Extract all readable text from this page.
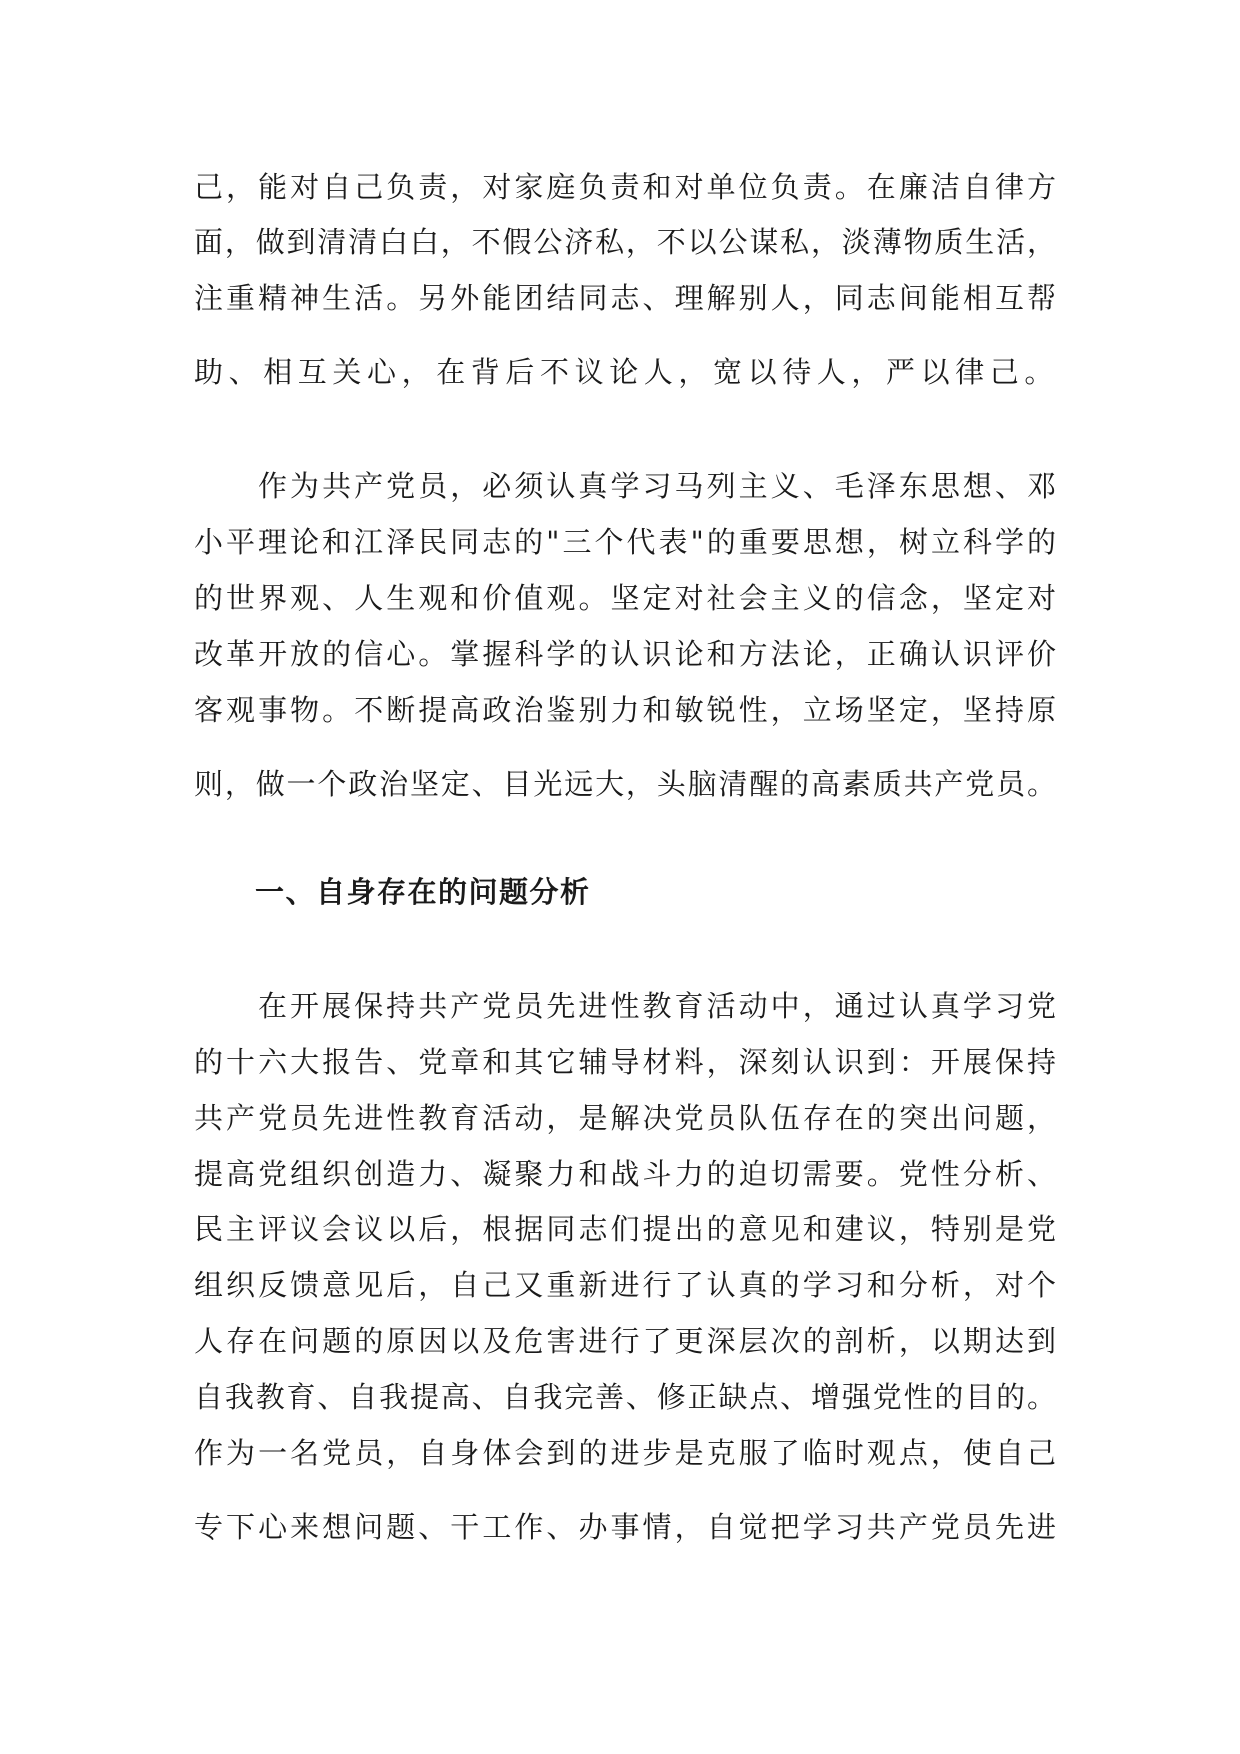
己，能对自己负责，对家庭负责和对单位负责。在廉洁自律方
面，做到清清白白，不假公济私，不以公谋私，淡薄物质生活，
注重精神生活。另外能团结同志、理解别人，同志间能相互帮
助、相互关心，在背后不议论人，宽以待人，严以律己。
作为共产党员，必须认真学习马列主义、毛泽东思想、邓
小平理论和江泽民同志的"三个代表"的重要思想，树立科学的
的世界观、人生观和价值观。坚定对社会主义的信念，坚定对
改革开放的信心。掌握科学的认识论和方法论，正确认识评价
客观事物。不断提高政治鉴别力和敏锐性，立场坚定，坚持原
则，做一个政治坚定、目光远大，头脑清醒的高素质共产党员。
一、自身存在的问题分析
在开展保持共产党员先进性教育活动中，通过认真学习党
的十六大报告、党章和其它辅导材料，深刻认识到：开展保持
共产党员先进性教育活动，是解决党员队伍存在的突出问题，
提高党组织创造力、凝聚力和战斗力的迫切需要。党性分析、
民主评议会议以后，根据同志们提出的意见和建议，特别是党
组织反馈意见后，自己又重新进行了认真的学习和分析，对个
人存在问题的原因以及危害进行了更深层次的剖析，以期达到
自我教育、自我提高、自我完善、修正缺点、增强党性的目的。
作为一名党员，自身体会到的进步是克服了临时观点，使自己
专下心来想问题、干工作、办事情，自觉把学习共产党员先进
